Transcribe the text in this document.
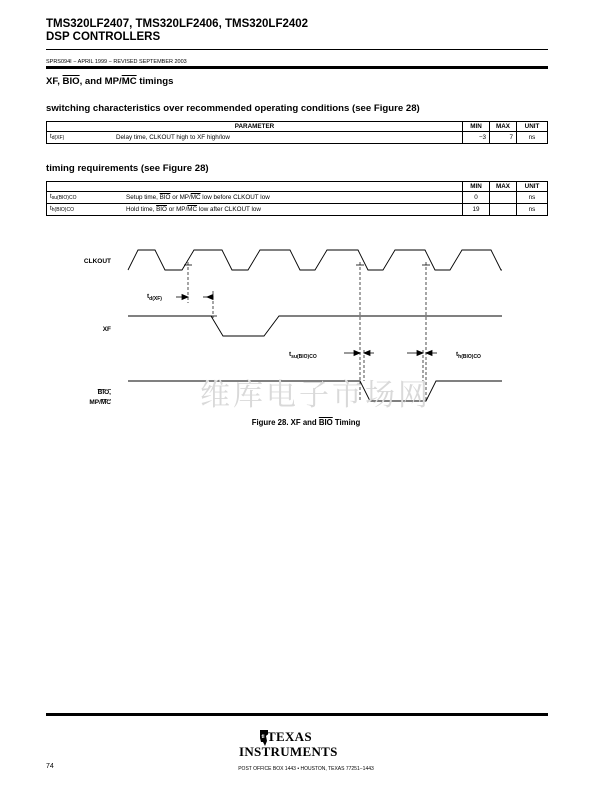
TMS320LF2407, TMS320LF2406, TMS320LF2402
DSP CONTROLLERS
SPRS094I − APRIL 1999 − REVISED SEPTEMBER 2003
XF, BIO, and MP/MC timings
switching characteristics over recommended operating conditions (see Figure 28)
PARAMETER		MIN	MAX	UNIT
$t_{d(XF)}$	Delay time, CLKOUT high to XF high/low	−3	7	ns
timing requirements (see Figure 28)
		MIN	MAX	UNIT
$t_{su(BIO)CO}$	Setup time, $\overline{BIO}$ or $MP/\overline{MC}$ low before CLKOUT low	0		ns
$t_{h(BIO)CO}$	Hold time, $\overline{BIO}$ or $MP/\overline{MC}$ low after CLKOUT low	19		ns
CLKOUT
XF
BIO,
MP/MC
$t_{d(XF)}$
$t_{su(BIO)CO}$	$t_{h(BIO)CO}$
维库电子市场网
Figure 28. XF and $\overline{BIO}$ Timing
ti TEXAS
INSTRUMENTS
POST OFFICE BOX 1443 • HOUSTON, TEXAS 77251−1443
74
